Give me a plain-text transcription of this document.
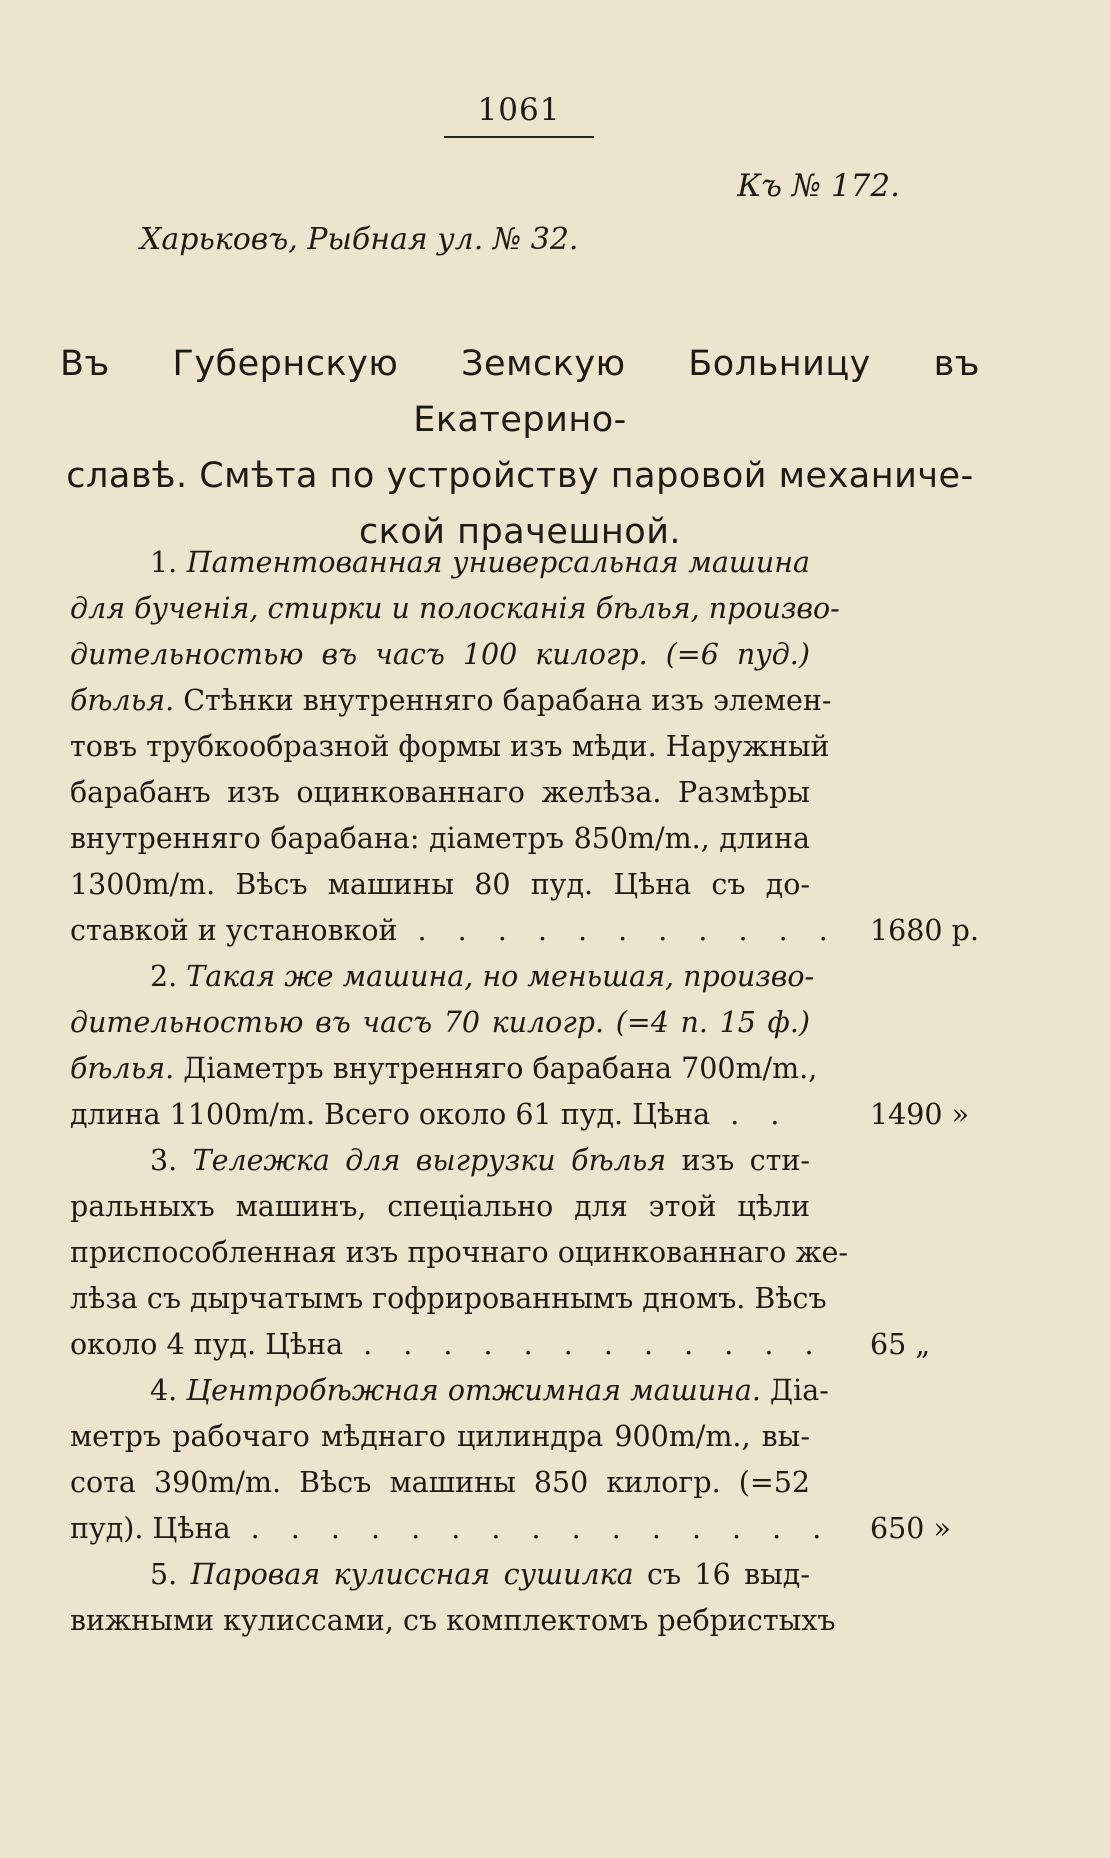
1061
Къ № 172.
Харьковъ, Рыбная ул. № 32.
Въ Губернскую Земскую Больницу въ Екатерино-
славѣ. Смѣта по устройству паровой механиче-
ской прачешной.
1. Патентованная универсальная машина
для бученія, стирки и полосканія бѣлья, произво-
дительностью въ часъ 100 килогр. (=6 пуд.)
бѣлья. Стѣнки внутренняго барабана изъ элемен-
товъ трубкообразной формы изъ мѣди. Наружный
барабанъ изъ оцинкованнаго желѣза. Размѣры
внутренняго барабана: діаметръ 850m/m., длина
1300m/m. Вѣсъ машины 80 пуд. Цѣна съ до-
ставкой и установкой . . . . . . . . . . . 1680 р.
2. Такая же машина, но меньшая, произво-
дительностью въ часъ 70 килогр. (=4 п. 15 ф.)
бѣлья. Діаметръ внутренняго барабана 700m/m.,
длина 1100m/m. Всего около 61 пуд. Цѣна . .	1490 »
3. Тележка для выгрузки бѣлья изъ сти-
ральныхъ машинъ, спеціально для этой цѣли
приспособленная изъ прочнаго оцинкованнаго же-
лѣза съ дырчатымъ гофрированнымъ дномъ. Вѣсъ
около 4 пуд. Цѣна . . . . . . . . . . . . 65 „
4. Центробѣжная отжимная машина. Діа-
метръ рабочаго мѣднаго цилиндра 900m/m., вы-
сота 390m/m. Вѣсъ машины 850 килогр. (=52
пуд). Цѣна . . . . . . . . . . . . . . . 650 »
5. Паровая кулиссная сушилка съ 16 выд-
вижными кулиссами, съ комплектомъ ребристыхъ
